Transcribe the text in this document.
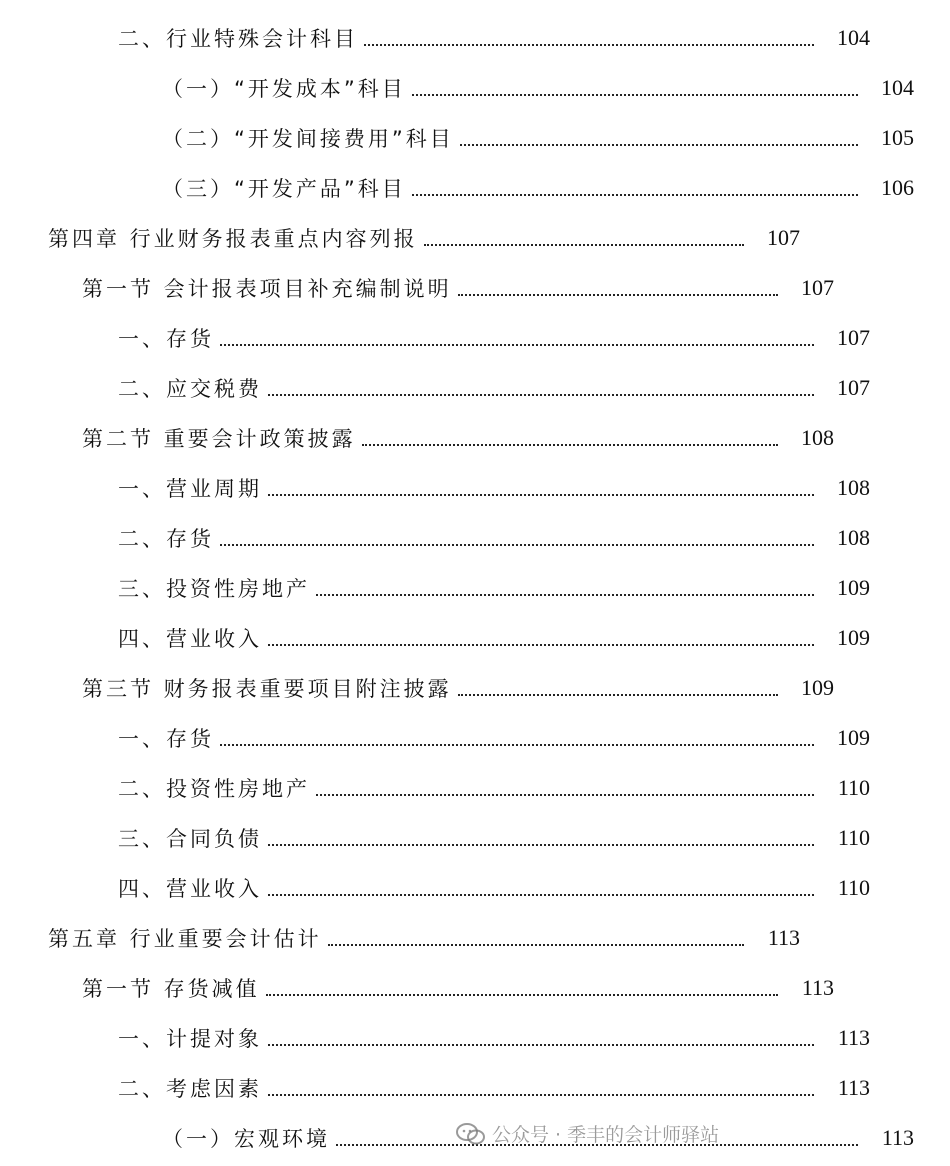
二、行业特殊会计科目	104
（一）“开发成本”科目	104
（二）“开发间接费用”科目	105
（三）“开发产品”科目	106
第四章 行业财务报表重点内容列报	107
第一节 会计报表项目补充编制说明	107
一、存货	107
二、应交税费	107
第二节 重要会计政策披露	108
一、营业周期	108
二、存货	108
三、投资性房地产	109
四、营业收入	109
第三节 财务报表重要项目附注披露	109
一、存货	109
二、投资性房地产	110
三、合同负债	110
四、营业收入	110
第五章 行业重要会计估计	113
第一节 存货减值	113
一、计提对象	113
二、考虑因素	113
（一）宏观环境	113
公众号 · 季丰的会计师驿站
